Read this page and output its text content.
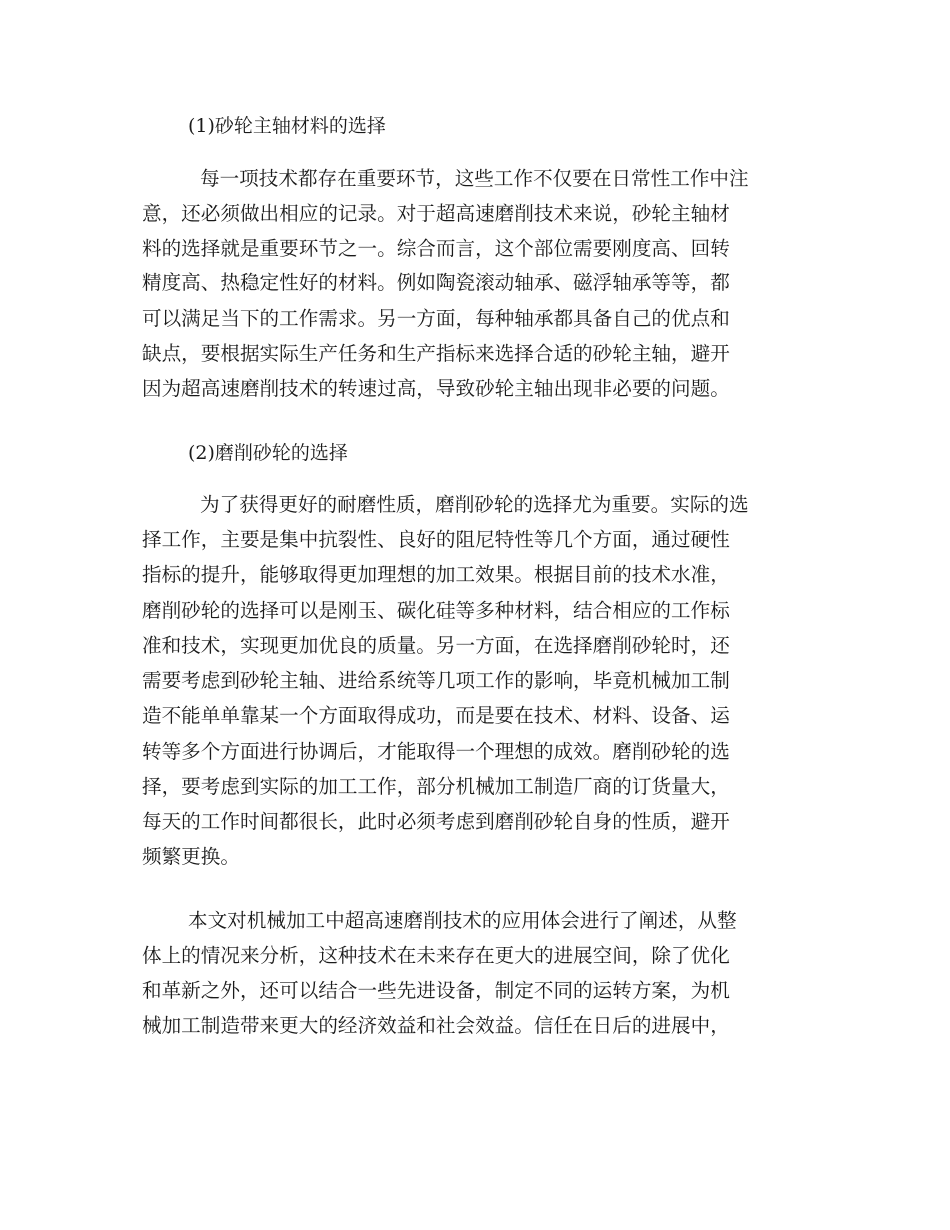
(1)砂轮主轴材料的选择

每一项技术都存在重要环节，这些工作不仅要在日常性工作中注

意，还必须做出相应的记录。对于超高速磨削技术来说，砂轮主轴材

料的选择就是重要环节之一。综合而言，这个部位需要刚度高、回转

精度高、热稳定性好的材料。例如陶瓷滚动轴承、磁浮轴承等等，都

可以满足当下的工作需求。另一方面，每种轴承都具备自己的优点和

缺点，要根据实际生产任务和生产指标来选择合适的砂轮主轴，避开

因为超高速磨削技术的转速过高，导致砂轮主轴出现非必要的问题。

(2)磨削砂轮的选择

为了获得更好的耐磨性质，磨削砂轮的选择尤为重要。实际的选

择工作，主要是集中抗裂性、良好的阻尼特性等几个方面，通过硬性

指标的提升，能够取得更加理想的加工效果。根据目前的技术水准，

磨削砂轮的选择可以是刚玉、碳化硅等多种材料，结合相应的工作标

准和技术，实现更加优良的质量。另一方面，在选择磨削砂轮时，还

需要考虑到砂轮主轴、进给系统等几项工作的影响，毕竟机械加工制

造不能单单靠某一个方面取得成功，而是要在技术、材料、设备、运

转等多个方面进行协调后，才能取得一个理想的成效。磨削砂轮的选

择，要考虑到实际的加工工作，部分机械加工制造厂商的订货量大，

每天的工作时间都很长，此时必须考虑到磨削砂轮自身的性质，避开

频繁更换。

本文对机械加工中超高速磨削技术的应用体会进行了阐述，从整

体上的情况来分析，这种技术在未来存在更大的进展空间，除了优化

和革新之外，还可以结合一些先进设备，制定不同的运转方案，为机

械加工制造带来更大的经济效益和社会效益。信任在日后的进展中，
